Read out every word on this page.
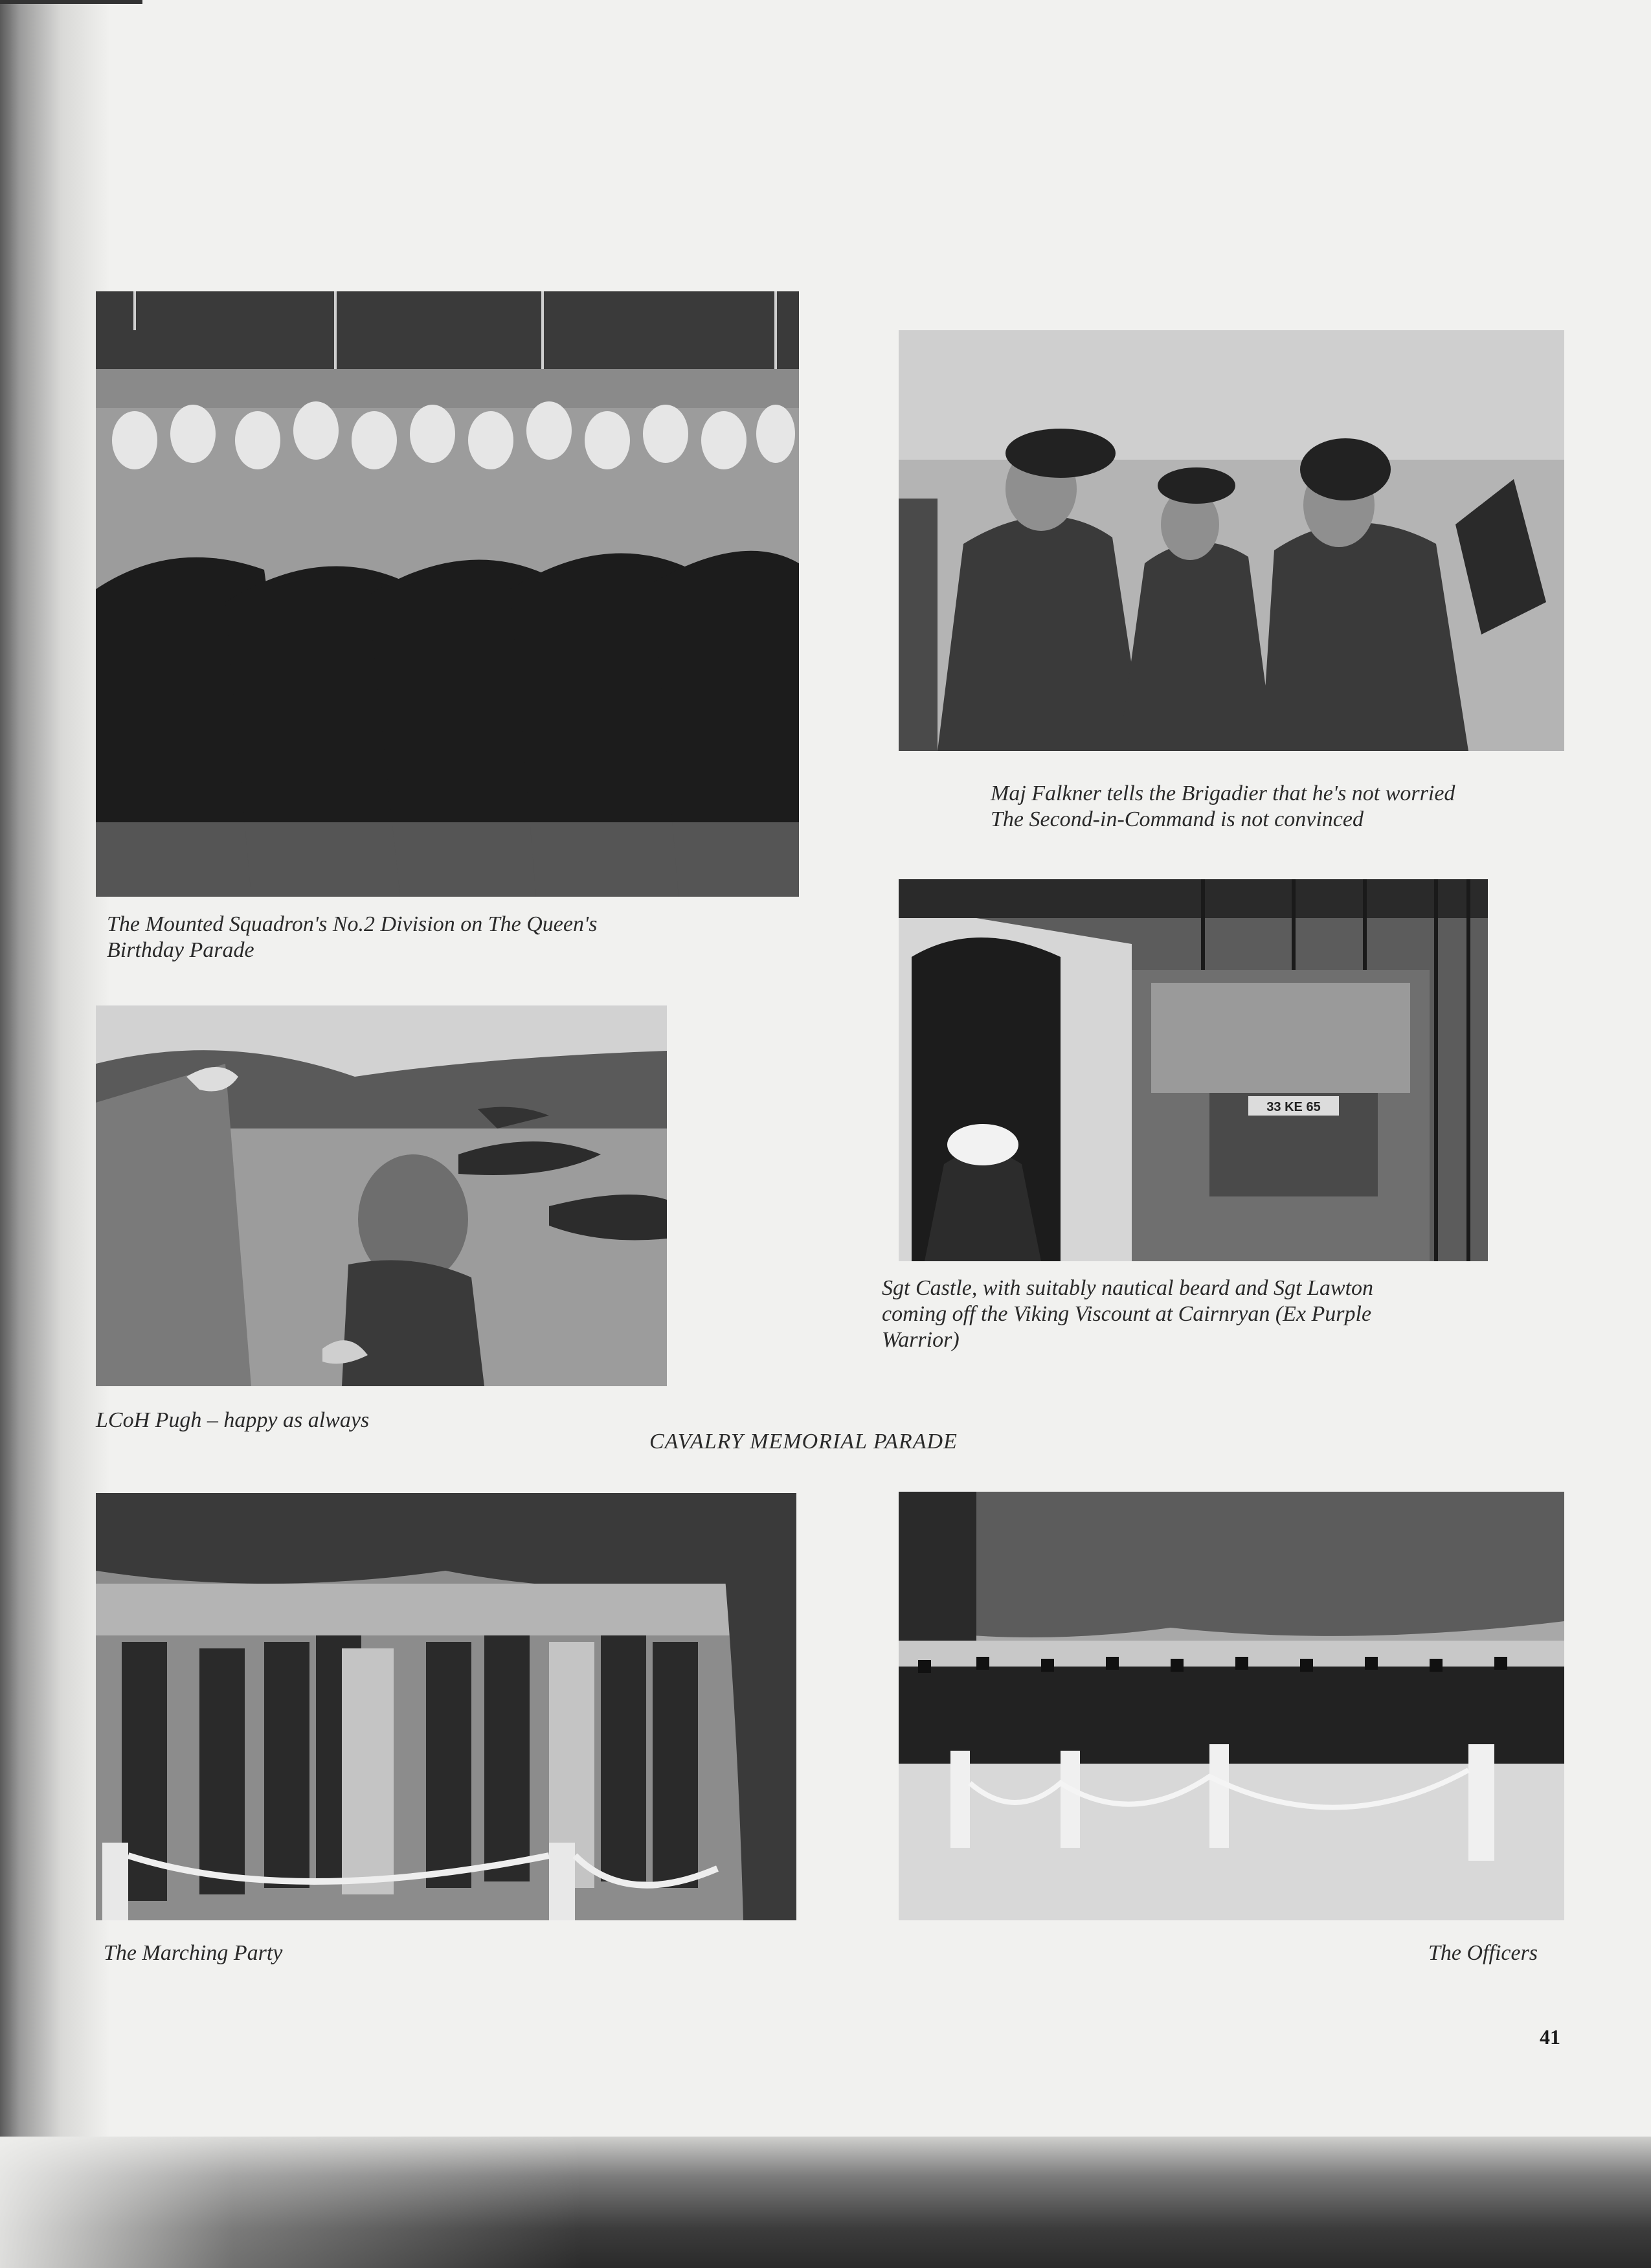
The Mounted Squadron's No.2 Division on The Queen's
Birthday Parade

Maj Falkner tells the Brigadier that he's not worried
The Second-in-Command is not convinced

LCoH Pugh – happy as always

33 KE 65

Sgt Castle, with suitably nautical beard and Sgt Lawton
coming off the Viking Viscount at Cairnryan (Ex Purple
Warrior)

CAVALRY MEMORIAL PARADE

The Marching Party	The Officers

41
